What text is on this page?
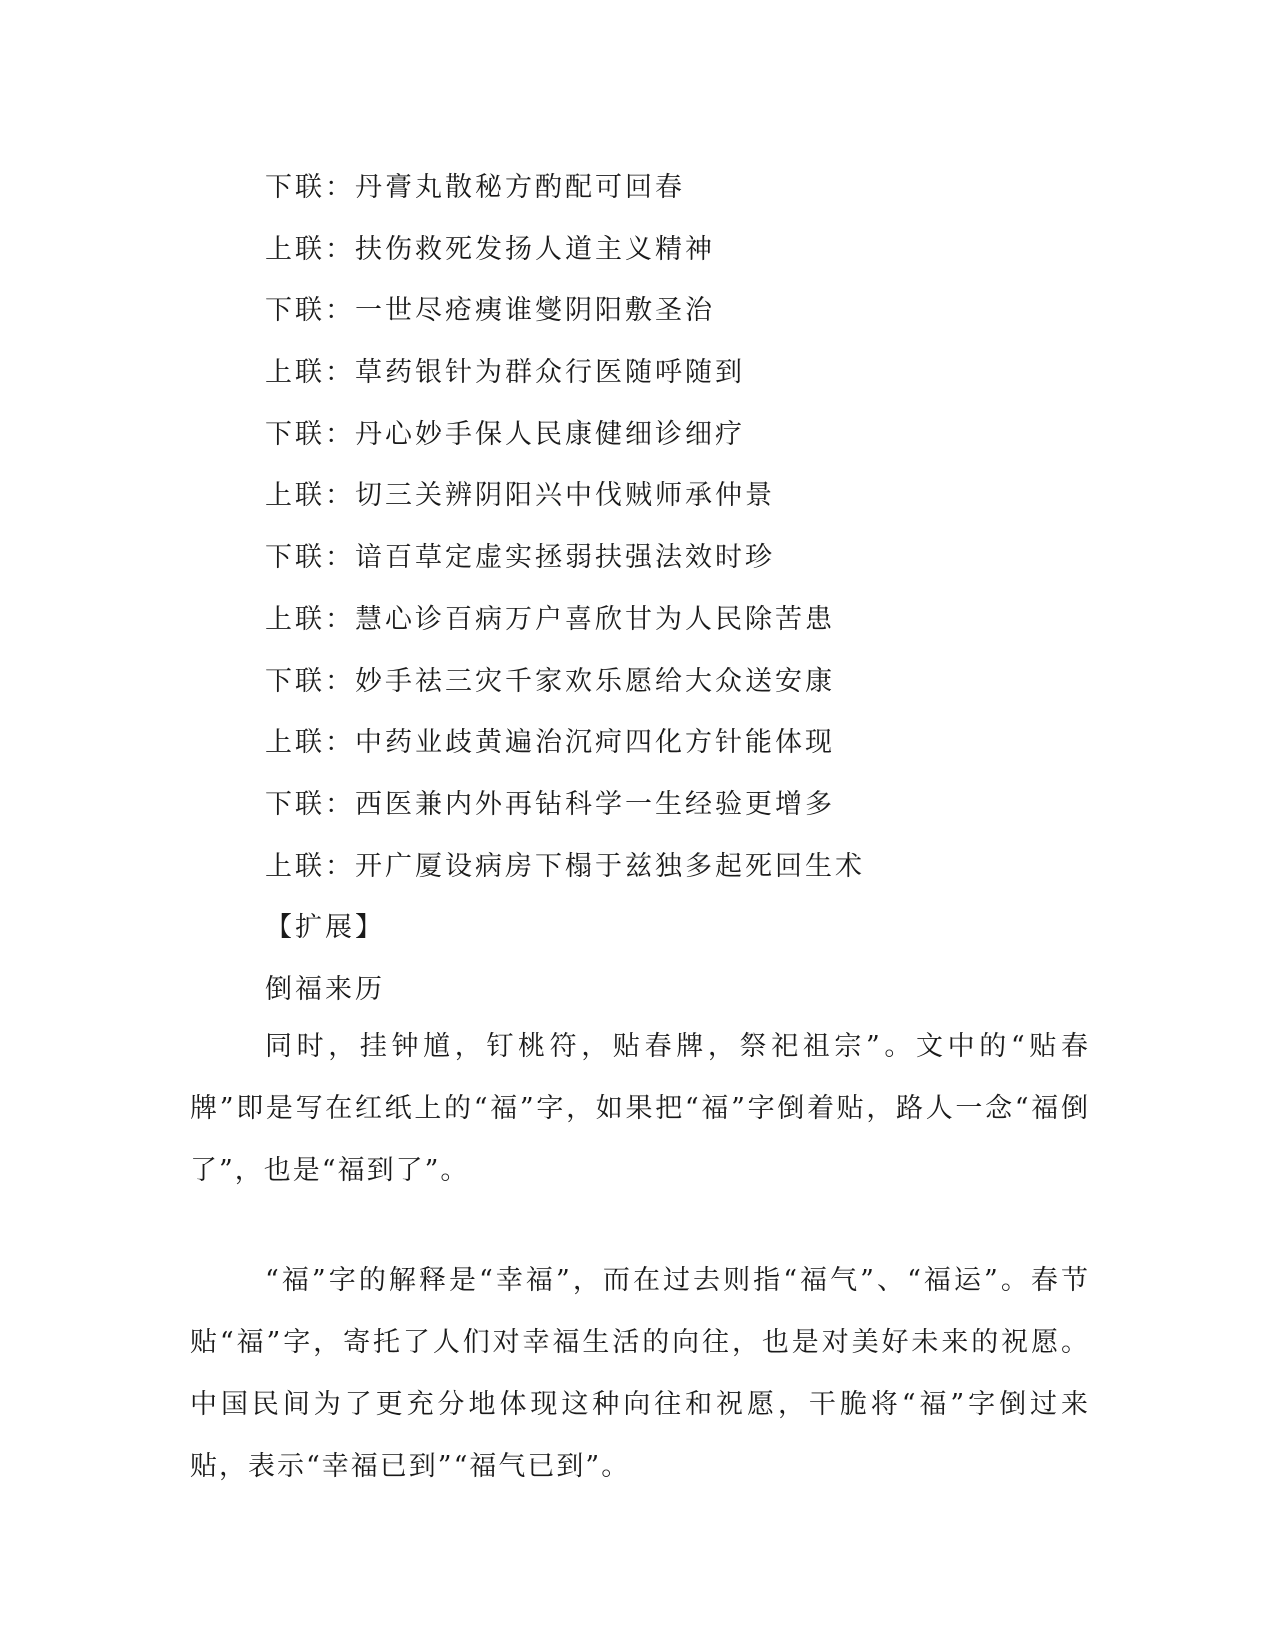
下联：丹膏丸散秘方酌配可回春
上联：扶伤救死发扬人道主义精神
下联：一世尽疮痍谁燮阴阳敷圣治
上联：草药银针为群众行医随呼随到
下联：丹心妙手保人民康健细诊细疗
上联：切三关辨阴阳兴中伐贼师承仲景
下联：谙百草定虚实拯弱扶强法效时珍
上联：慧心诊百病万户喜欣甘为人民除苦患
下联：妙手祛三灾千家欢乐愿给大众送安康
上联：中药业歧黄遍治沉疴四化方针能体现
下联：西医兼内外再钻科学一生经验更增多
上联：开广厦设病房下榻于兹独多起死回生术
【扩展】
倒福来历

同时，挂钟馗，钉桃符，贴春牌，祭祀祖宗”。文中的“贴春牌”即是写在红纸上的“福”字，如果把“福”字倒着贴，路人一念“福倒了”，也是“福到了”。

“福”字的解释是“幸福”，而在过去则指“福气”、“福运”。春节贴“福”字，寄托了人们对幸福生活的向往，也是对美好未来的祝愿。中国民间为了更充分地体现这种向往和祝愿，干脆将“福”字倒过来贴，表示“幸福已到”“福气已到”。
